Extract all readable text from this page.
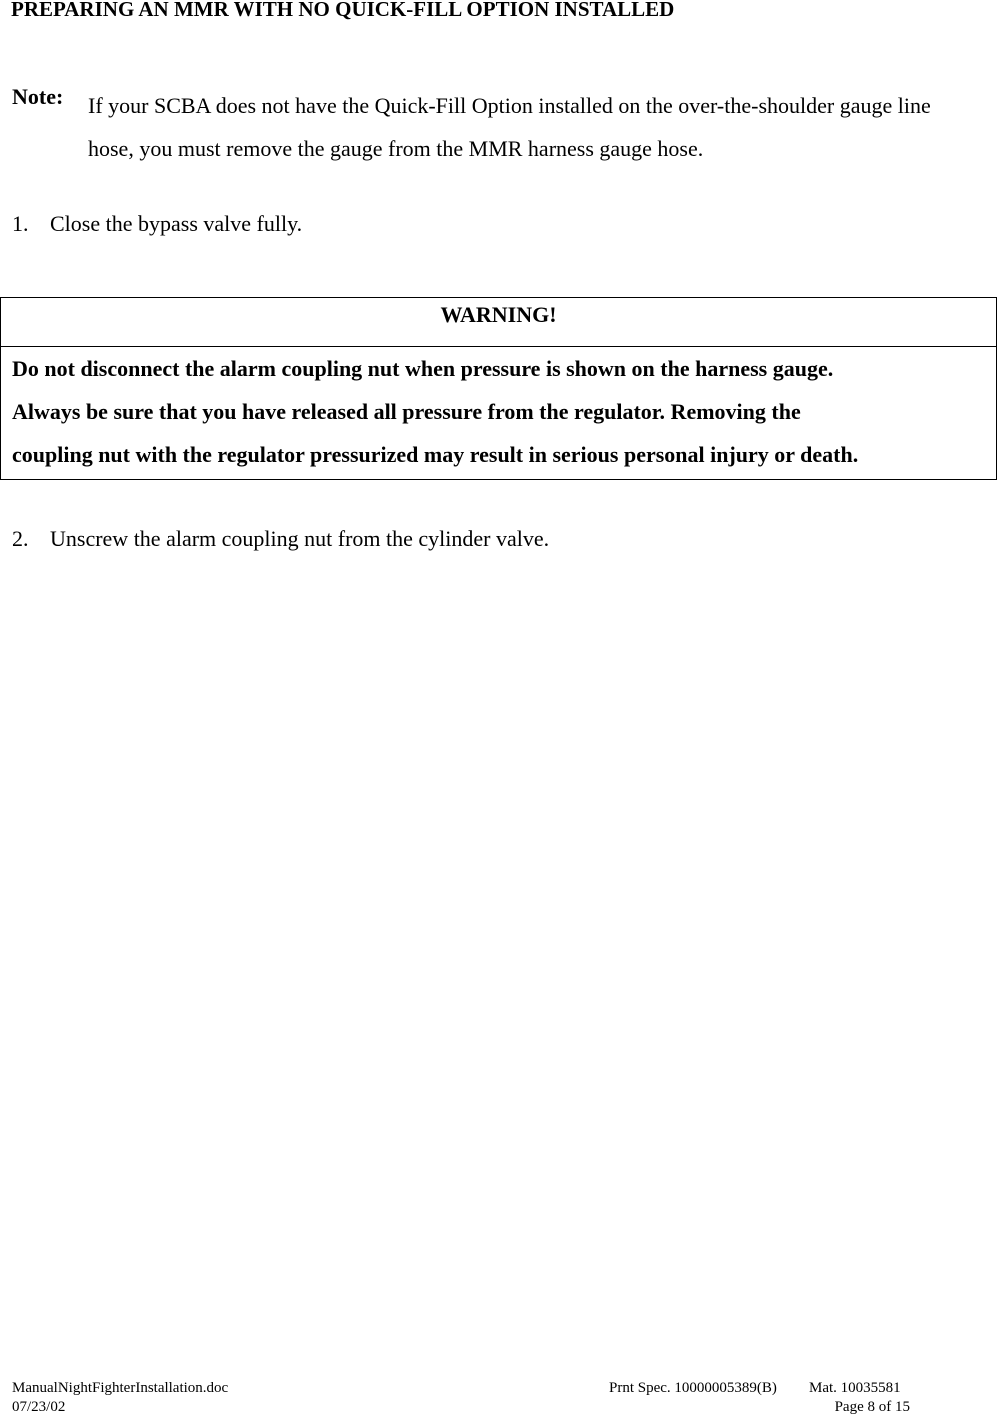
PREPARING AN MMR WITH NO QUICK-FILL OPTION INSTALLED
Note: If your SCBA does not have the Quick-Fill Option installed on the over-the-shoulder gauge line hose, you must remove the gauge from the MMR harness gauge hose.
1. Close the bypass valve fully.
WARNING!
Do not disconnect the alarm coupling nut when pressure is shown on the harness gauge.
Always be sure that you have released all pressure from the regulator. Removing the
coupling nut with the regulator pressurized may result in serious personal injury or death.
2. Unscrew the alarm coupling nut from the cylinder valve.
ManualNightFighterInstallation.doc
07/23/02
Prnt Spec. 10000005389(B) Mat. 10035581
Page 8 of 15
